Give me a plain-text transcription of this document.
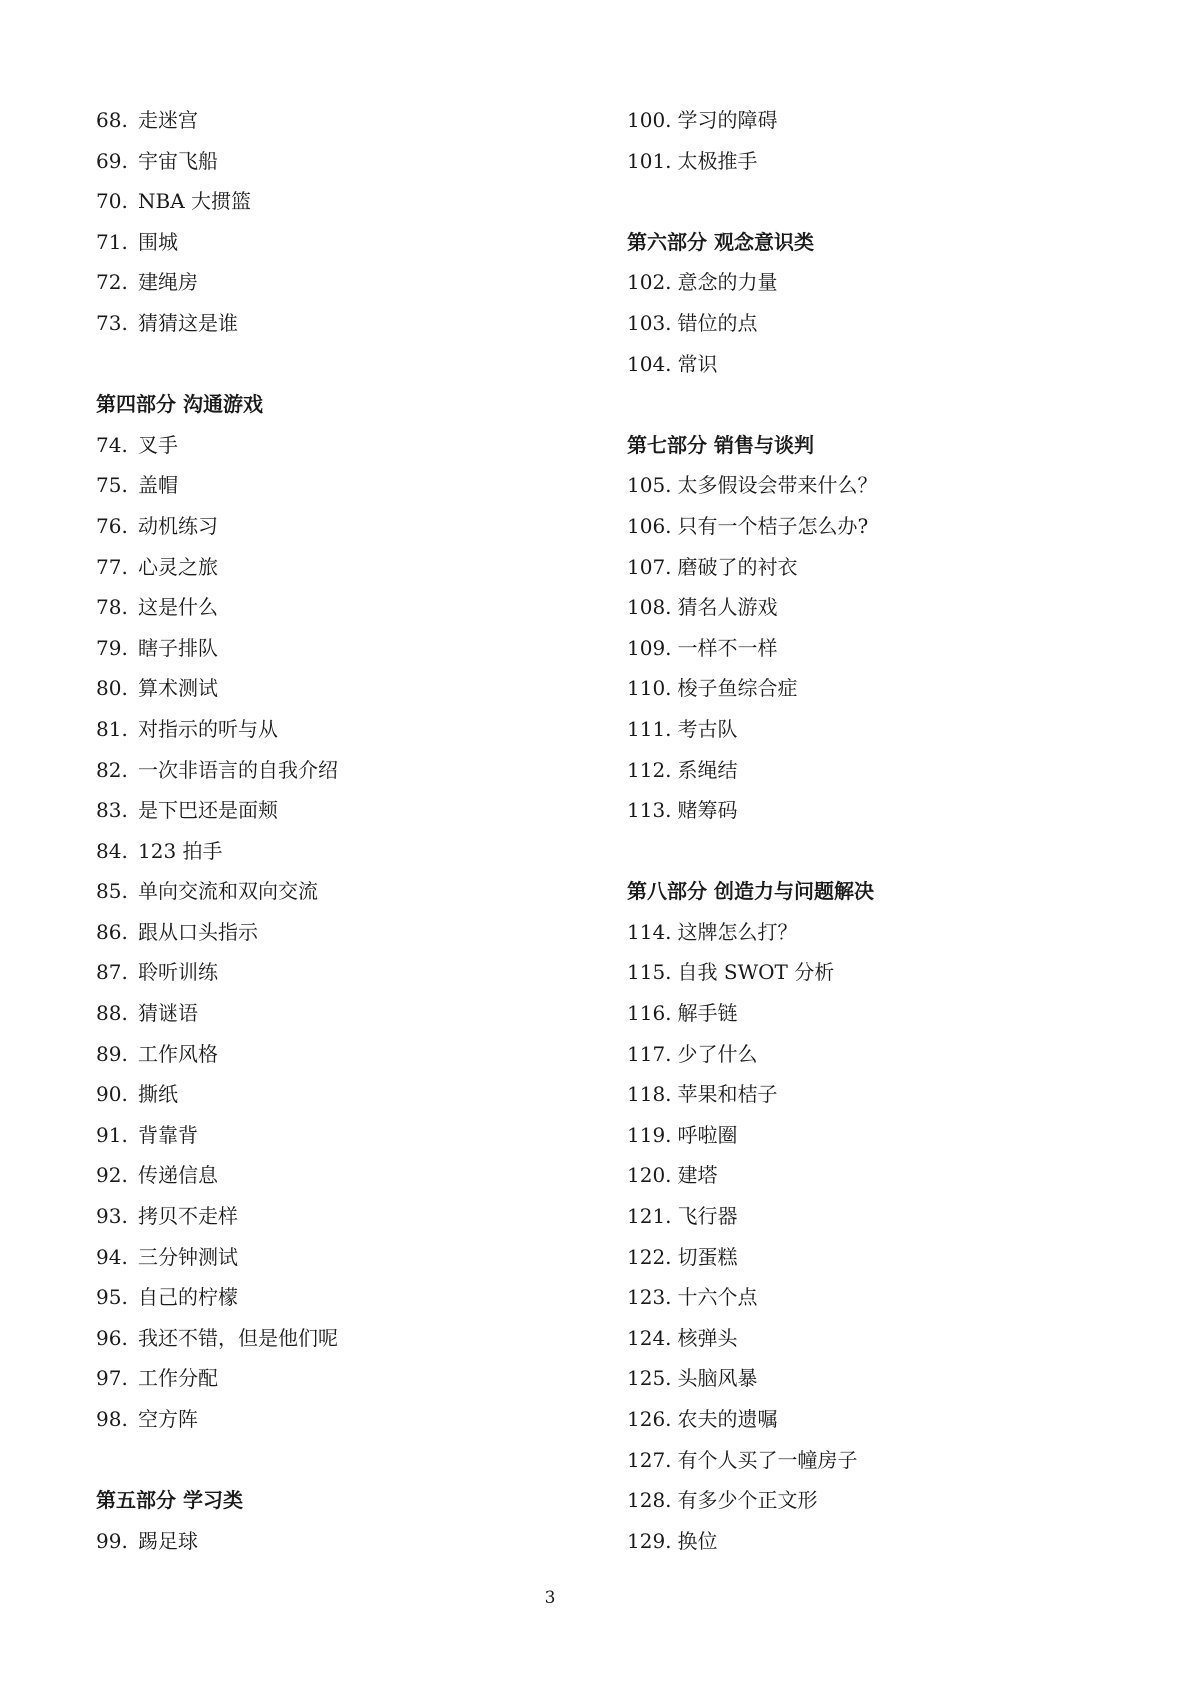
68. 走迷宫
69. 宇宙飞船
70. NBA 大掼篮
71. 围城
72. 建绳房
73. 猜猜这是谁
第四部分 沟通游戏
74. 叉手
75. 盖帽
76. 动机练习
77. 心灵之旅
78. 这是什么
79. 瞎子排队
80. 算术测试
81. 对指示的听与从
82. 一次非语言的自我介绍
83. 是下巴还是面颊
84. 123 拍手
85. 单向交流和双向交流
86. 跟从口头指示
87. 聆听训练
88. 猜谜语
89. 工作风格
90. 撕纸
91. 背靠背
92. 传递信息
93. 拷贝不走样
94. 三分钟测试
95. 自己的柠檬
96. 我还不错，但是他们呢
97. 工作分配
98. 空方阵
第五部分 学习类
99. 踢足球
100. 学习的障碍
101. 太极推手
第六部分 观念意识类
102. 意念的力量
103. 错位的点
104. 常识
第七部分 销售与谈判
105. 太多假设会带来什么？
106. 只有一个桔子怎么办?
107. 磨破了的衬衣
108. 猜名人游戏
109. 一样不一样
110. 梭子鱼综合症
111. 考古队
112. 系绳结
113. 赌筹码
第八部分 创造力与问题解决
114. 这牌怎么打？
115. 自我 SWOT 分析
116. 解手链
117. 少了什么
118. 苹果和桔子
119. 呼啦圈
120. 建塔
121. 飞行器
122. 切蛋糕
123. 十六个点
124. 核弹头
125. 头脑风暴
126. 农夫的遗嘱
127. 有个人买了一幢房子
128. 有多少个正文形
129. 换位
3
